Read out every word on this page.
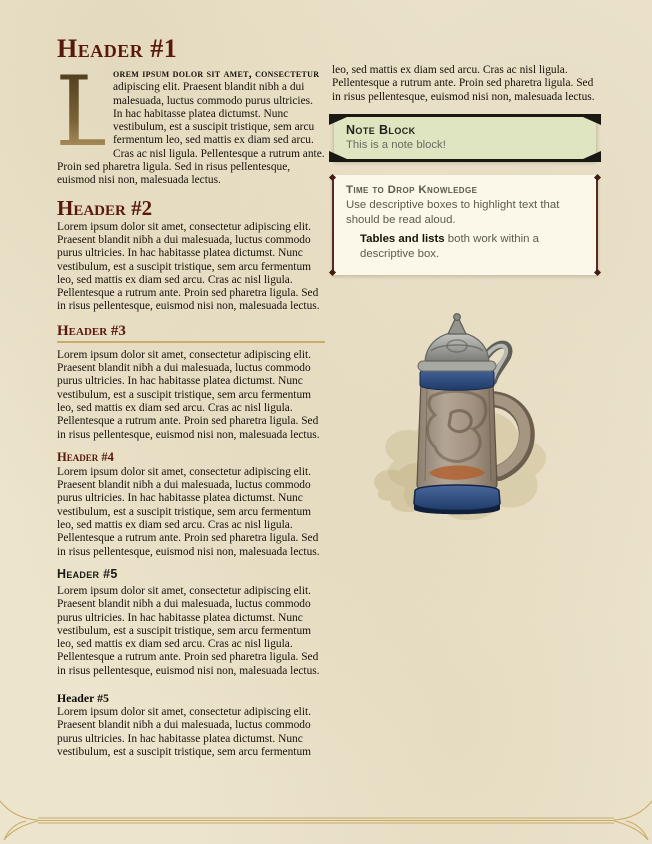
Header #1

L
orem ipsum dolor sit amet, consectetur adipiscing elit. Praesent blandit nibh a dui malesuada, luctus commodo purus ultricies. In hac habitasse platea dictumst. Nunc vestibulum, est a suscipit tristique, sem arcu fermentum leo, sed mattis ex diam sed arcu. Cras ac nisl ligula. Pellentesque a rutrum ante. Proin sed pharetra ligula. Sed in risus pellentesque, euismod nisi non, malesuada lectus.

Header #2

Lorem ipsum dolor sit amet, consectetur adipiscing elit. Praesent blandit nibh a dui malesuada, luctus commodo purus ultricies. In hac habitasse platea dictumst. Nunc vestibulum, est a suscipit tristique, sem arcu fermentum leo, sed mattis ex diam sed arcu. Cras ac nisl ligula. Pellentesque a rutrum ante. Proin sed pharetra ligula. Sed in risus pellentesque, euismod nisi non, malesuada lectus.

Header #3

Lorem ipsum dolor sit amet, consectetur adipiscing elit. Praesent blandit nibh a dui malesuada, luctus commodo purus ultricies. In hac habitasse platea dictumst. Nunc vestibulum, est a suscipit tristique, sem arcu fermentum leo, sed mattis ex diam sed arcu. Cras ac nisl ligula. Pellentesque a rutrum ante. Proin sed pharetra ligula. Sed in risus pellentesque, euismod nisi non, malesuada lectus.

Header #4

Lorem ipsum dolor sit amet, consectetur adipiscing elit. Praesent blandit nibh a dui malesuada, luctus commodo purus ultricies. In hac habitasse platea dictumst. Nunc vestibulum, est a suscipit tristique, sem arcu fermentum leo, sed mattis ex diam sed arcu. Cras ac nisl ligula. Pellentesque a rutrum ante. Proin sed pharetra ligula. Sed in risus pellentesque, euismod nisi non, malesuada lectus.

Header #5

Lorem ipsum dolor sit amet, consectetur adipiscing elit. Praesent blandit nibh a dui malesuada, luctus commodo purus ultricies. In hac habitasse platea dictumst. Nunc vestibulum, est a suscipit tristique, sem arcu fermentum leo, sed mattis ex diam sed arcu. Cras ac nisl ligula. Pellentesque a rutrum ante. Proin sed pharetra ligula. Sed in risus pellentesque, euismod nisi non, malesuada lectus.

Header #5

Lorem ipsum dolor sit amet, consectetur adipiscing elit. Praesent blandit nibh a dui malesuada, luctus commodo purus ultricies. In hac habitasse platea dictumst. Nunc vestibulum, est a suscipit tristique, sem arcu fermentum

leo, sed mattis ex diam sed arcu. Cras ac nisl ligula. Pellentesque a rutrum ante. Proin sed pharetra ligula. Sed in risus pellentesque, euismod nisi non, malesuada lectus.

Note Block

This is a note block!

Time to Drop Knowledge

Use descriptive boxes to highlight text that should be read aloud.

Tables and lists both work within a descriptive box.
